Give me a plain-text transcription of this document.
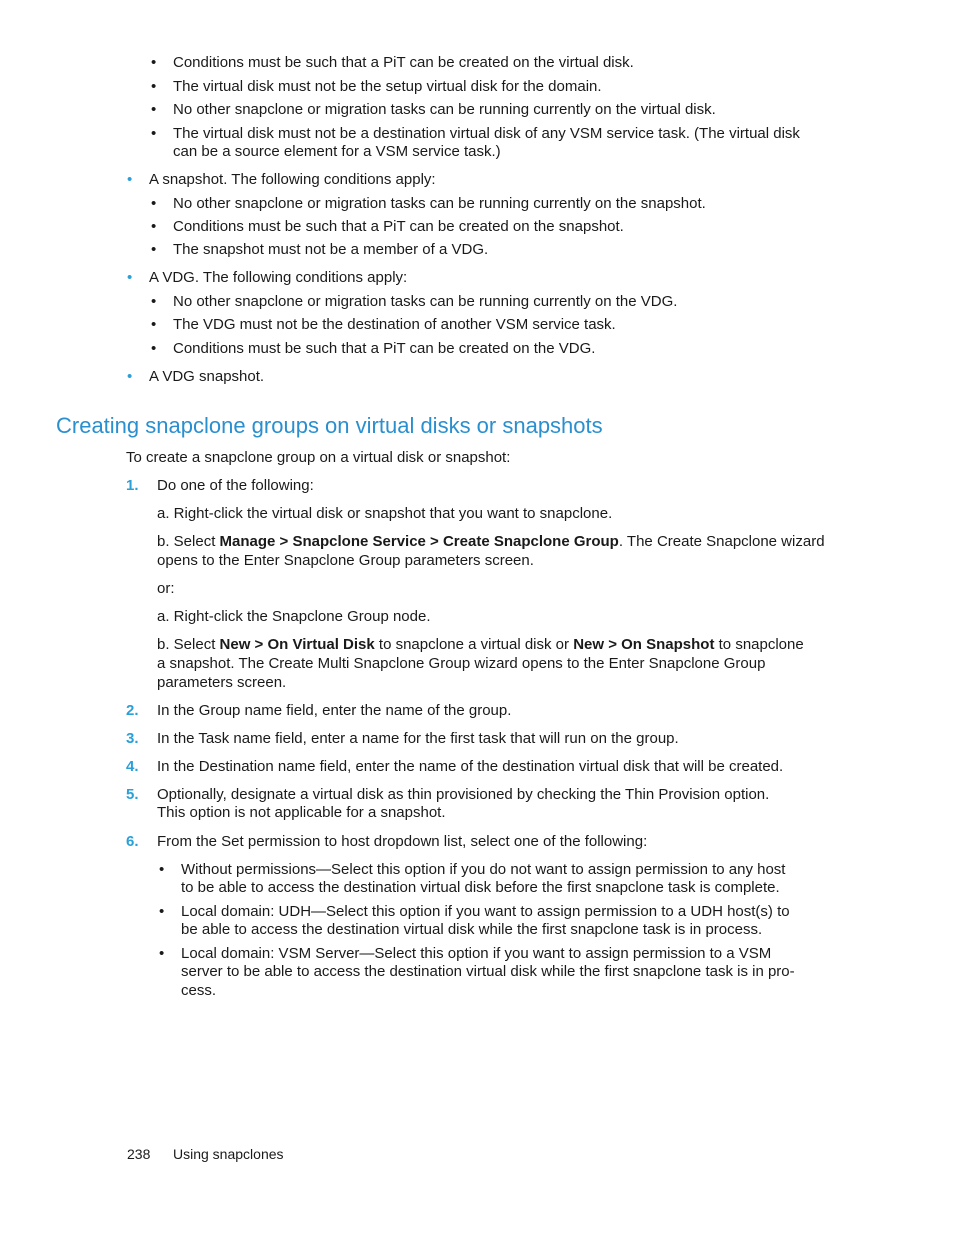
• Conditions must be such that a PiT can be created on the virtual disk.
• The virtual disk must not be the setup virtual disk for the domain.
• No other snapclone or migration tasks can be running currently on the virtual disk.
• The virtual disk must not be a destination virtual disk of any VSM service task. (The virtual disk
can be a source element for a VSM service task.)
• A snapshot. The following conditions apply:
• No other snapclone or migration tasks can be running currently on the snapshot.
• Conditions must be such that a PiT can be created on the snapshot.
• The snapshot must not be a member of a VDG.
• A VDG. The following conditions apply:
• No other snapclone or migration tasks can be running currently on the VDG.
• The VDG must not be the destination of another VSM service task.
• Conditions must be such that a PiT can be created on the VDG.
• A VDG snapshot.
Creating snapclone groups on virtual disks or snapshots
To create a snapclone group on a virtual disk or snapshot:
1. Do one of the following:
a. Right-click the virtual disk or snapshot that you want to snapclone.
b. Select Manage > Snapclone Service > Create Snapclone Group. The Create Snapclone wizard
opens to the Enter Snapclone Group parameters screen.
or:
a. Right-click the Snapclone Group node.
b. Select New > On Virtual Disk to snapclone a virtual disk or New > On Snapshot to snapclone
a snapshot. The Create Multi Snapclone Group wizard opens to the Enter Snapclone Group
parameters screen.
2. In the Group name field, enter the name of the group.
3. In the Task name field, enter a name for the first task that will run on the group.
4. In the Destination name field, enter the name of the destination virtual disk that will be created.
5. Optionally, designate a virtual disk as thin provisioned by checking the Thin Provision option.
This option is not applicable for a snapshot.
6. From the Set permission to host dropdown list, select one of the following:
• Without permissions—Select this option if you do not want to assign permission to any host
to be able to access the destination virtual disk before the first snapclone task is complete.
• Local domain: UDH—Select this option if you want to assign permission to a UDH host(s) to
be able to access the destination virtual disk while the first snapclone task is in process.
• Local domain: VSM Server—Select this option if you want to assign permission to a VSM
server to be able to access the destination virtual disk while the first snapclone task is in pro-
cess.
238 Using snapclones
